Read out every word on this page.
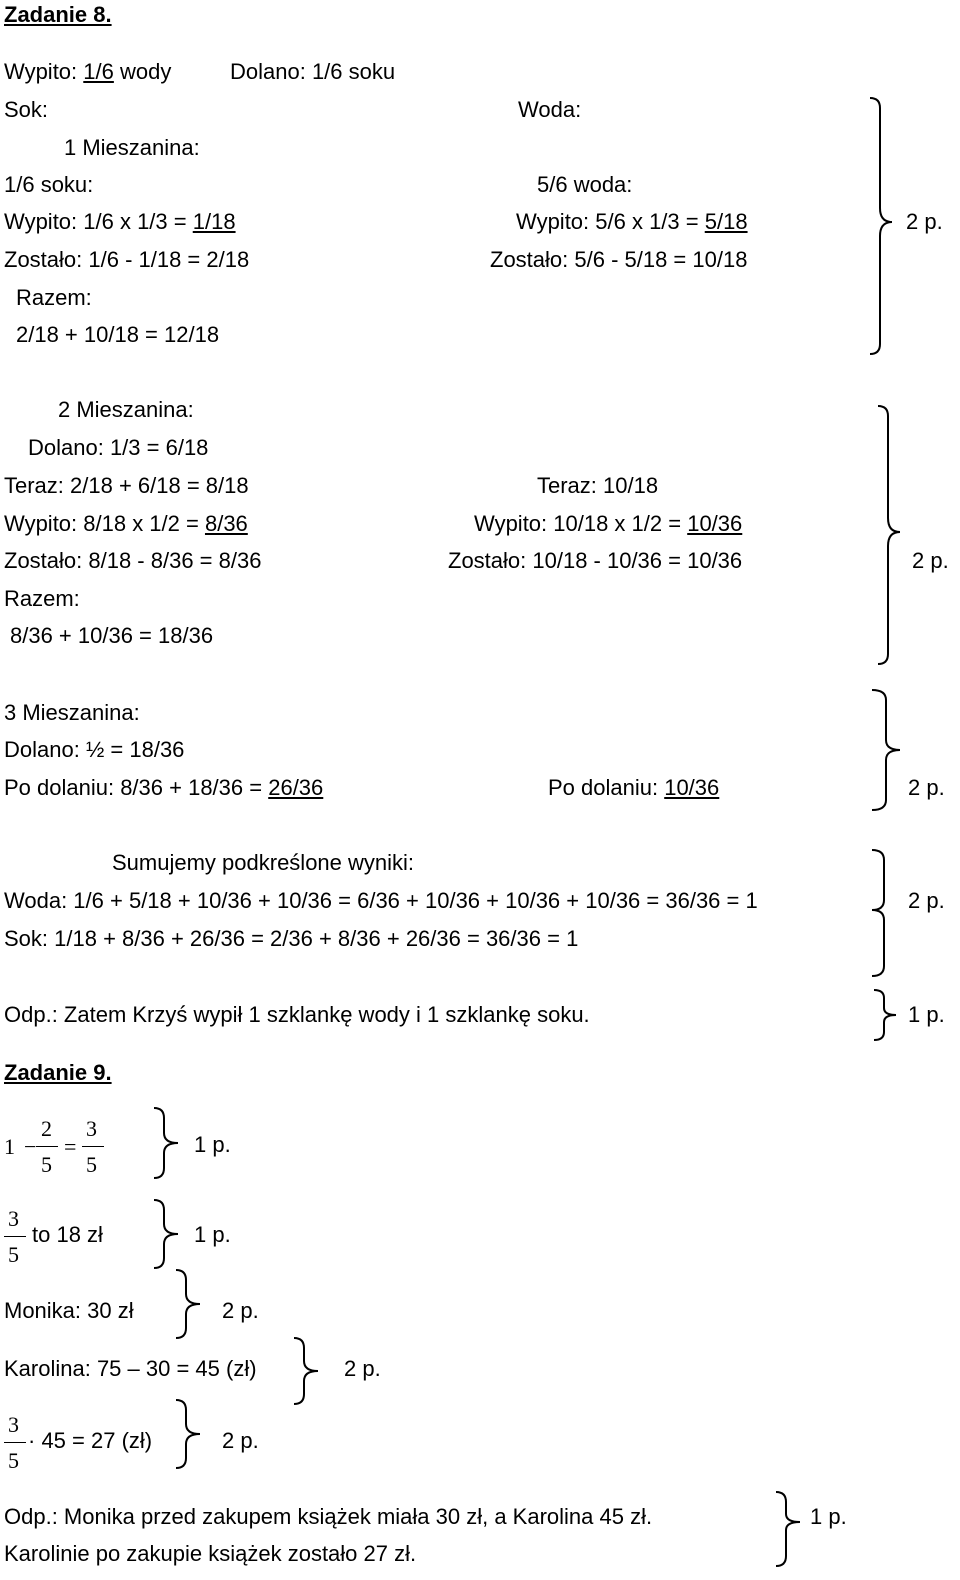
Zadanie 8.
Wypito: 1/6 wody	Dolano: 1/6 soku
Sok:	Woda:
1 Mieszanina:
1/6 soku:	5/6 woda:
Wypito: 1/6 x 1/3 = 1/18	Wypito: 5/6 x 1/3 = 5/18
Zostało: 1/6 - 1/18 = 2/18	Zostało: 5/6 - 5/18 = 10/18
Razem:
2/18 + 10/18 = 12/18
2 p.
2 Mieszanina:
Dolano: 1/3 = 6/18
Teraz: 2/18 + 6/18 = 8/18	Teraz: 10/18
Wypito: 8/18 x 1/2 = 8/36	Wypito: 10/18 x 1/2 = 10/36
Zostało: 8/18 - 8/36 = 8/36	Zostało: 10/18 - 10/36 = 10/36
Razem:
8/36 + 10/36 = 18/36
2 p.
3 Mieszanina:
Dolano: ½ = 18/36
Po dolaniu: 8/36 + 18/36 = 26/36	Po dolaniu: 10/36	2 p.
Sumujemy podkreślone wyniki:
Woda: 1/6 + 5/18 + 10/36 + 10/36 = 6/36 + 10/36 + 10/36 + 10/36 = 36/36 = 1
Sok: 1/18 + 8/36 + 26/36 = 2/36 + 8/36 + 26/36 = 36/36 = 1
2 p.
Odp.: Zatem Krzyś wypił 1 szklankę wody i 1 szklankę soku.	1 p.
Zadanie 9.
1 −
2
5
=
3
5
1 p.
3
5
to 18 zł	1 p.
Monika: 30 zł	2 p.
Karolina: 75 – 30 = 45 (zł)	2 p.
3
5
· 45 = 27 (zł)	2 p.
Odp.: Monika przed zakupem książek miała 30 zł, a Karolina 45 zł.
Karolinie po zakupie książek zostało 27 zł.
1 p.
